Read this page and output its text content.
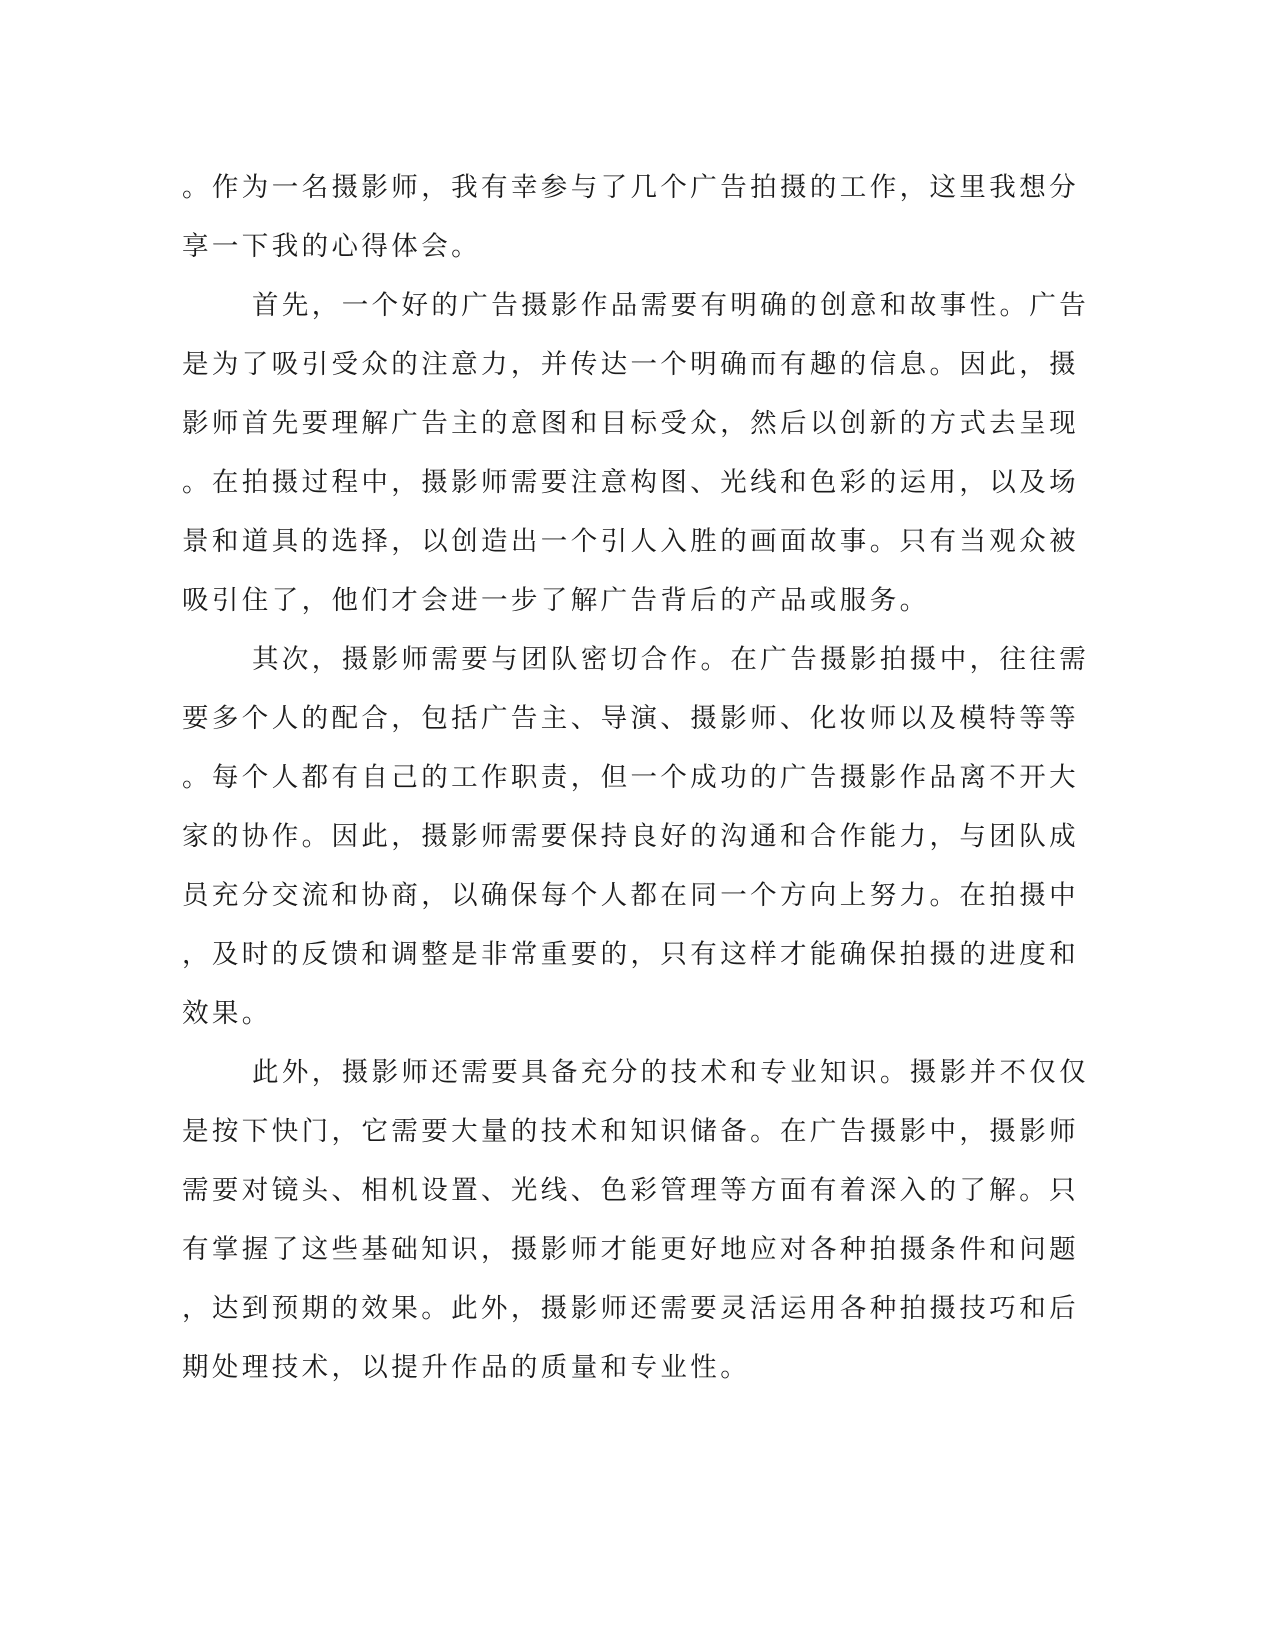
。作为一名摄影师，我有幸参与了几个广告拍摄的工作，这里我想分
享一下我的心得体会。
首先，一个好的广告摄影作品需要有明确的创意和故事性。广告
是为了吸引受众的注意力，并传达一个明确而有趣的信息。因此，摄
影师首先要理解广告主的意图和目标受众，然后以创新的方式去呈现
。在拍摄过程中，摄影师需要注意构图、光线和色彩的运用，以及场
景和道具的选择，以创造出一个引人入胜的画面故事。只有当观众被
吸引住了，他们才会进一步了解广告背后的产品或服务。
其次，摄影师需要与团队密切合作。在广告摄影拍摄中，往往需
要多个人的配合，包括广告主、导演、摄影师、化妆师以及模特等等
。每个人都有自己的工作职责，但一个成功的广告摄影作品离不开大
家的协作。因此，摄影师需要保持良好的沟通和合作能力，与团队成
员充分交流和协商，以确保每个人都在同一个方向上努力。在拍摄中
，及时的反馈和调整是非常重要的，只有这样才能确保拍摄的进度和
效果。
此外，摄影师还需要具备充分的技术和专业知识。摄影并不仅仅
是按下快门，它需要大量的技术和知识储备。在广告摄影中，摄影师
需要对镜头、相机设置、光线、色彩管理等方面有着深入的了解。只
有掌握了这些基础知识，摄影师才能更好地应对各种拍摄条件和问题
，达到预期的效果。此外，摄影师还需要灵活运用各种拍摄技巧和后
期处理技术，以提升作品的质量和专业性。
